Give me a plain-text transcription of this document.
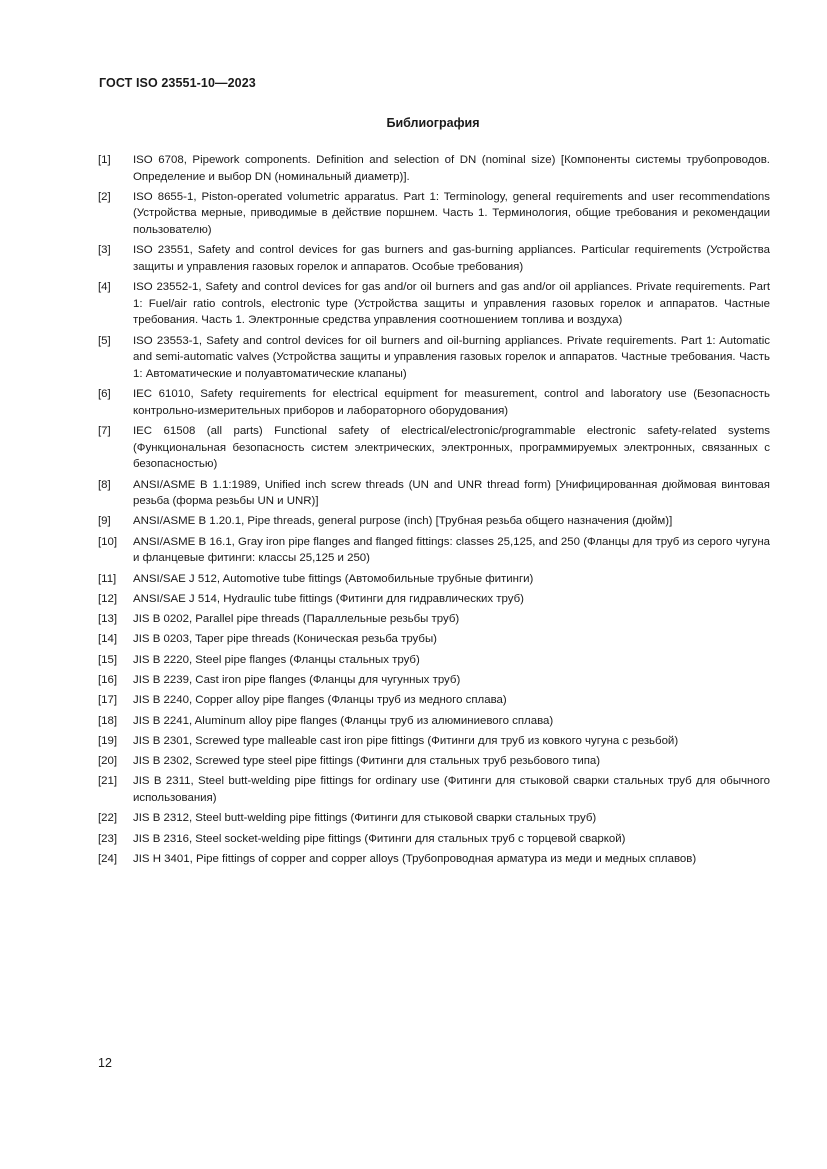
ГОСТ ISO 23551-10—2023
Библиография
[1]	ISO 6708, Pipework components. Definition and selection of DN (nominal size) [Компоненты системы трубопроводов. Определение и выбор DN (номинальный диаметр)].
[2]	ISO 8655-1, Piston-operated volumetric apparatus. Part 1: Terminology, general requirements and user recommendations (Устройства мерные, приводимые в действие поршнем. Часть 1. Терминология, общие требования и рекомендации пользователю)
[3]	ISO 23551, Safety and control devices for gas burners and gas-burning appliances. Particular requirements (Устройства защиты и управления газовых горелок и аппаратов. Особые требования)
[4]	ISO 23552-1, Safety and control devices for gas and/or oil burners and gas and/or oil appliances. Private requirements. Part 1: Fuel/air ratio controls, electronic type (Устройства защиты и управления газовых горелок и аппаратов. Частные требования. Часть 1. Электронные средства управления соотношением топлива и воздуха)
[5]	ISO 23553-1, Safety and control devices for oil burners and oil-burning appliances. Private requirements. Part 1: Automatic and semi-automatic valves (Устройства защиты и управления газовых горелок и аппаратов. Частные требования. Часть 1: Автоматические и полуавтоматические клапаны)
[6]	IEC 61010, Safety requirements for electrical equipment for measurement, control and laboratory use (Безопасность контрольно-измерительных приборов и лабораторного оборудования)
[7]	IEC 61508 (all parts) Functional safety of electrical/electronic/programmable electronic safety-related systems (Функциональная безопасность систем электрических, электронных, программируемых электронных, связанных с безопасностью)
[8]	ANSI/ASME B 1.1:1989, Unified inch screw threads (UN and UNR thread form) [Унифицированная дюймовая винтовая резьба (форма резьбы UN и UNR)]
[9]	ANSI/ASME B 1.20.1, Pipe threads, general purpose (inch) [Трубная резьба общего назначения (дюйм)]
[10]	ANSI/ASME B 16.1, Gray iron pipe flanges and flanged fittings: classes 25,125, and 250 (Фланцы для труб из серого чугуна и фланцевые фитинги: классы 25,125 и 250)
[11]	ANSI/SAE J 512, Automotive tube fittings (Автомобильные трубные фитинги)
[12]	ANSI/SAE J 514, Hydraulic tube fittings (Фитинги для гидравлических труб)
[13]	JIS B 0202, Parallel pipe threads (Параллельные резьбы труб)
[14]	JIS B 0203, Taper pipe threads (Коническая резьба трубы)
[15]	JIS B 2220, Steel pipe flanges (Фланцы стальных труб)
[16]	JIS B 2239, Cast iron pipe flanges (Фланцы для чугунных труб)
[17]	JIS B 2240, Copper alloy pipe flanges (Фланцы труб из медного сплава)
[18]	JIS B 2241, Aluminum alloy pipe flanges (Фланцы труб из алюминиевого сплава)
[19]	JIS B 2301, Screwed type malleable cast iron pipe fittings (Фитинги для труб из ковкого чугуна с резьбой)
[20]	JIS B 2302, Screwed type steel pipe fittings (Фитинги для стальных труб резьбового типа)
[21]	JIS B 2311, Steel butt-welding pipe fittings for ordinary use (Фитинги для стыковой сварки стальных труб для обычного использования)
[22]	JIS B 2312, Steel butt-welding pipe fittings (Фитинги для стыковой сварки стальных труб)
[23]	JIS B 2316, Steel socket-welding pipe fittings (Фитинги для стальных труб с торцевой сваркой)
[24]	JIS H 3401, Pipe fittings of copper and copper alloys (Трубопроводная арматура из меди и медных сплавов)
12
